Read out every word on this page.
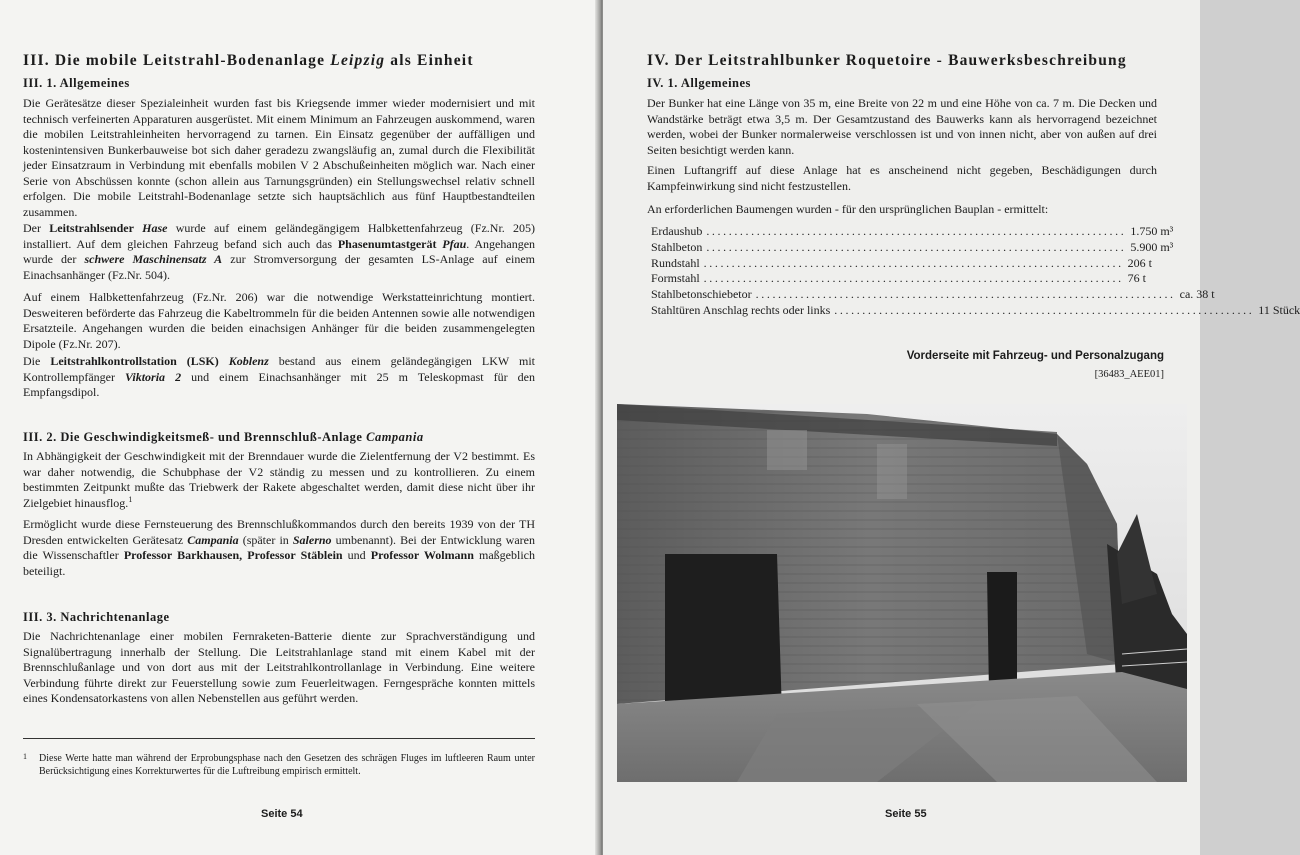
III. Die mobile Leitstrahl-Bodenanlage Leipzig als Einheit
III. 1. Allgemeines

Die Gerätesätze dieser Spezialeinheit wurden fast bis Kriegsende immer wieder modernisiert und mit technisch verfeinerten Apparaturen ausgerüstet. Mit einem Minimum an Fahrzeugen auskommend, waren die mobilen Leitstrahleinheiten hervorragend zu tarnen. Ein Einsatz gegenüber der auffälligen und kostenintensiven Bunkerbauweise bot sich daher geradezu zwangsläufig an, zumal durch die Flexibilität jeder Einsatzraum in Verbindung mit ebenfalls mobilen V 2 Abschußeinheiten möglich war. Nach einer Serie von Abschüssen konnte (schon allein aus Tarnungsgründen) ein Stellungswechsel relativ schnell erfolgen. Die mobile Leitstrahl-Bodenanlage setzte sich hauptsächlich aus fünf Hauptbestandteilen zusammen.

Der Leitstrahlsender Hase wurde auf einem geländegängigem Halbkettenfahrzeug (Fz.Nr. 205) installiert. Auf dem gleichen Fahrzeug befand sich auch das Phasenumtastgerät Pfau. Angehangen wurde der schwere Maschinensatz A zur Stromversorgung der gesamten LS-Anlage auf einem Einachsanhänger (Fz.Nr. 504).

Auf einem Halbkettenfahrzeug (Fz.Nr. 206) war die notwendige Werkstatteinrichtung montiert. Desweiteren beförderte das Fahrzeug die Kabeltrommeln für die beiden Antennen sowie alle notwendigen Ersatzteile. Angehangen wurden die beiden einachsigen Anhänger für die beiden zusammengelegten Dipole (Fz.Nr. 207).

Die Leitstrahlkontrollstation (LSK) Koblenz bestand aus einem geländegängigen LKW mit Kontrollempfänger Viktoria 2 und einem Einachsanhänger mit 25 m Teleskopmast für den Empfangsdipol.

III. 2. Die Geschwindigkeitsmeß- und Brennschluß-Anlage Campania

In Abhängigkeit der Geschwindigkeit mit der Brenndauer wurde die Zielentfernung der V2 bestimmt. Es war daher notwendig, die Schubphase der V2 ständig zu messen und zu kontrollieren. Zu einem bestimmten Zeitpunkt mußte das Triebwerk der Rakete abgeschaltet werden, damit diese nicht über ihr Zielgebiet hinausflog.$^1$

Ermöglicht wurde diese Fernsteuerung des Brennschlußkommandos durch den bereits 1939 von der TH Dresden entwickelten Gerätesatz Campania (später in Salerno umbenannt). Bei der Entwicklung waren die Wissenschaftler Professor Barkhausen, Professor Stäblein und Professor Wolmann maßgeblich beteiligt.

III. 3. Nachrichtenanlage

Die Nachrichtenanlage einer mobilen Fernraketen-Batterie diente zur Sprachverständigung und Signalübertragung innerhalb der Stellung. Die Leitstrahlanlage stand mit einem Kabel mit der Brennschlußanlage und von dort aus mit der Leitstrahlkontrollanlage in Verbindung. Eine weitere Verbindung führte direkt zur Feuerstellung sowie zum Feuerleitwagen. Ferngespräche konnten mittels eines Kondensatorkastens von allen Nebenstellen aus geführt werden.

1	Diese Werte hatte man während der Erprobungsphase nach den Gesetzen des schrägen Fluges im luftleeren Raum unter Berücksichtigung eines Korrekturwertes für die Luftreibung empirisch ermittelt.
Seite 54
IV. Der Leitstrahlbunker Roquetoire - Bauwerksbeschreibung
IV. 1. Allgemeines

Der Bunker hat eine Länge von 35 m, eine Breite von 22 m und eine Höhe von ca. 7 m. Die Decken und Wandstärke beträgt etwa 3,5 m. Der Gesamtzustand des Bauwerks kann als hervorragend bezeichnet werden, wobei der Bunker normalerweise verschlossen ist und von innen nicht, aber von außen auf drei Seiten besichtigt werden kann.

Einen Luftangriff auf diese Anlage hat es anscheinend nicht gegeben, Beschädigungen durch Kampfeinwirkung sind nicht festzustellen.

An erforderlichen Baumengen wurden - für den ursprünglichen Bauplan - ermittelt:

Erdaushub ........................................................................... 1.750 m³
Stahlbeton ........................................................................... 5.900 m³
Rundstahl ........................................................................... 206 t
Formstahl ........................................................................... 76 t
Stahlbetonschiebetor ........................................................................... ca. 38 t
Stahltüren Anschlag rechts oder links ........................................................................... 11 Stück
Vorderseite mit Fahrzeug- und Personalzugang
[36483_AEE01]
Seite 55
